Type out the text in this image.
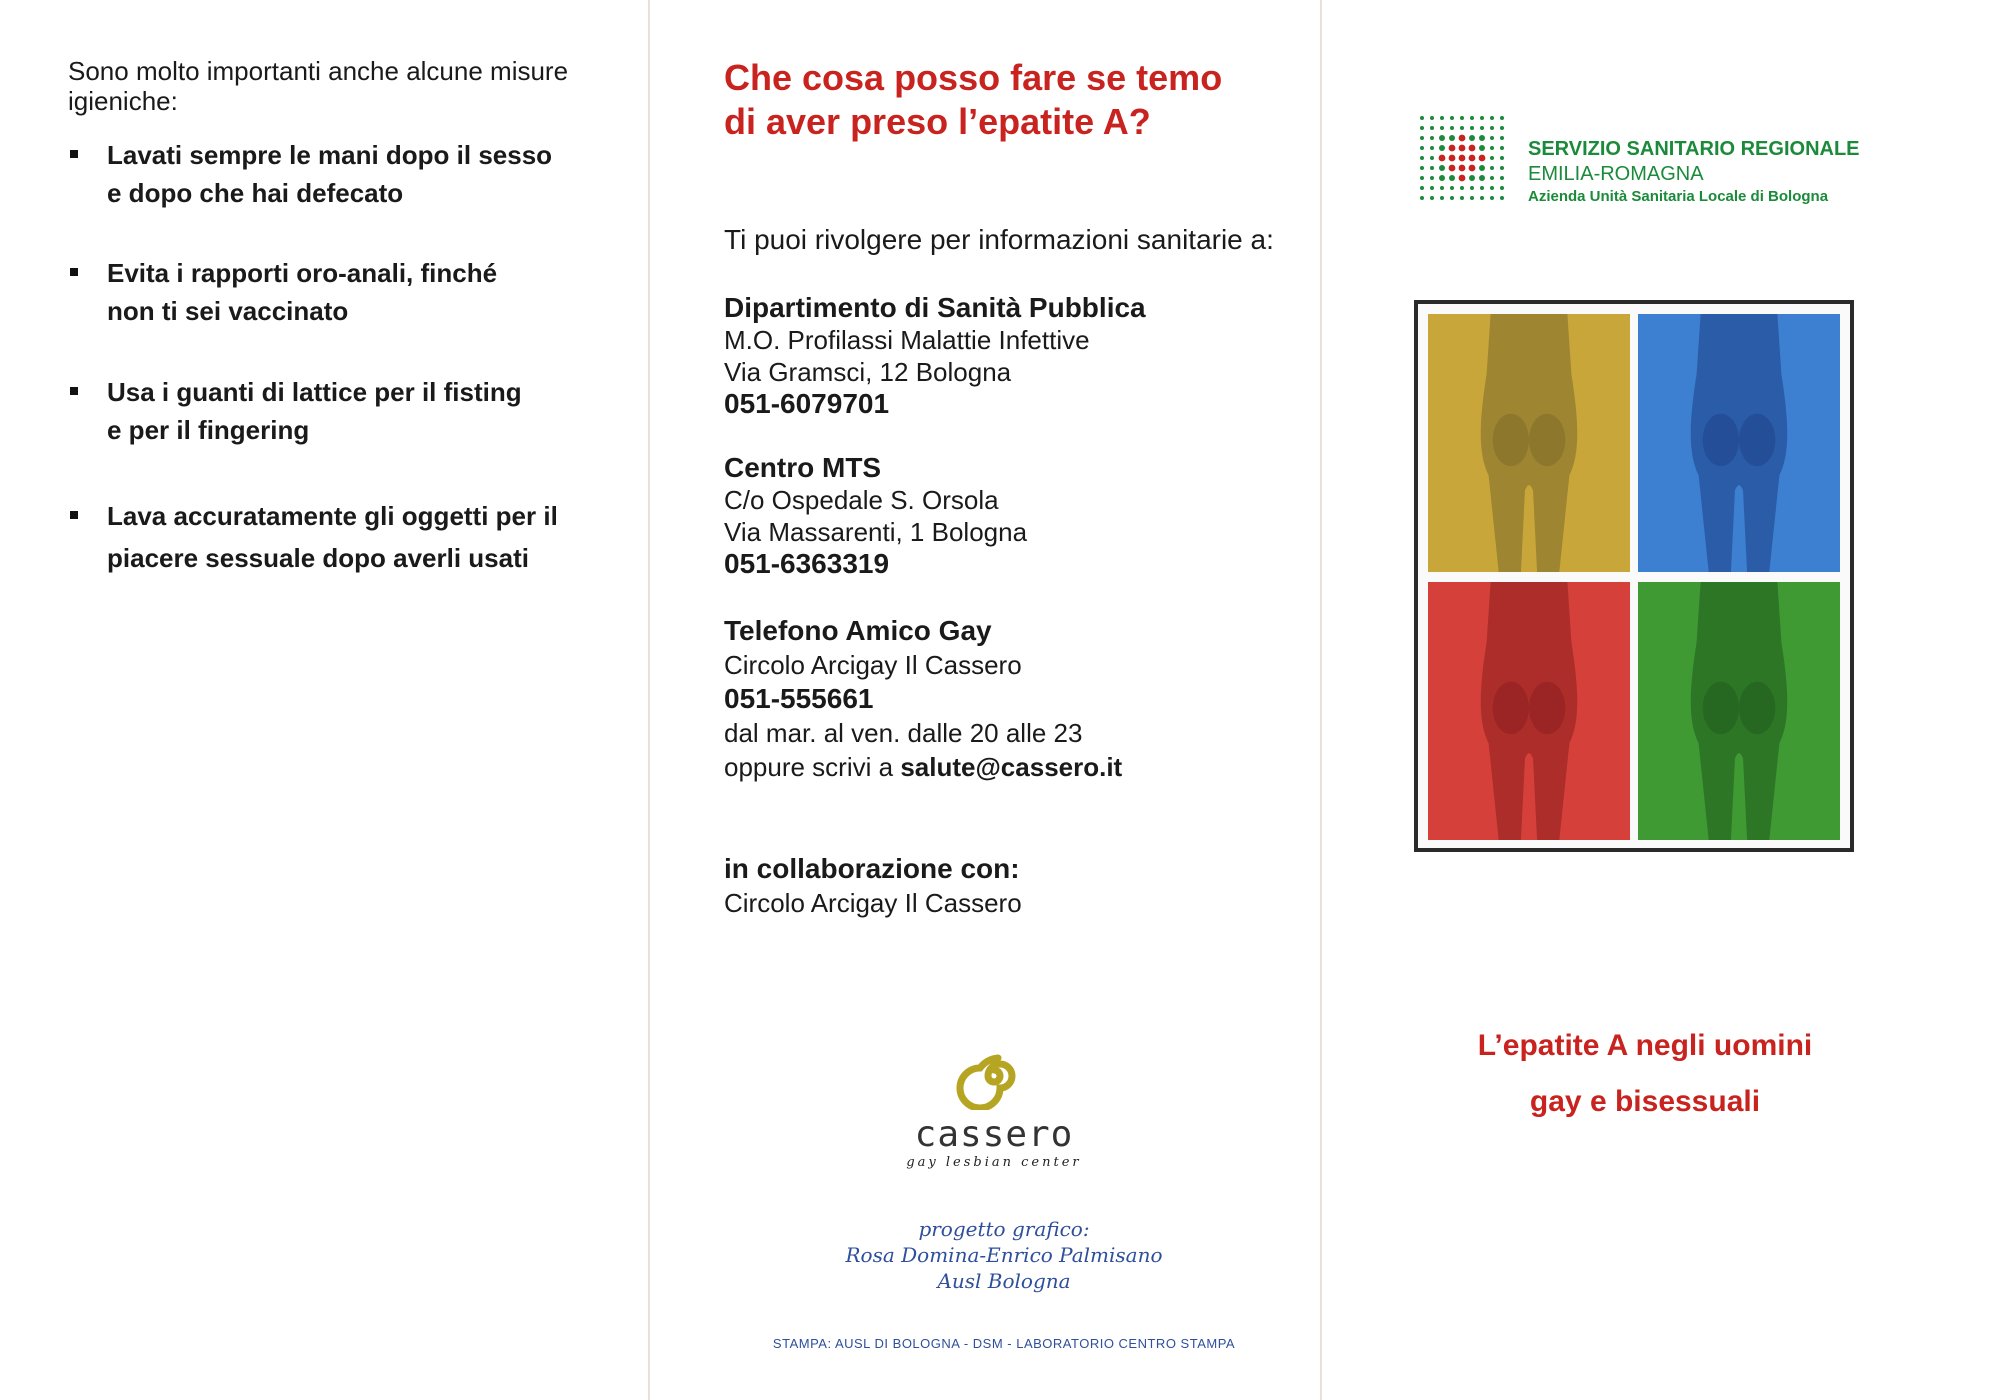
Sono molto importanti anche alcune misure igieniche:
Lavati sempre le mani dopo il sesso
e dopo che hai defecato
Evita i rapporti oro-anali, finché
non ti sei vaccinato
Usa i guanti di lattice per il fisting
e per il fingering
Lava accuratamente gli oggetti per il
piacere sessuale dopo averli usati
Che cosa posso fare se temo
di aver preso l’epatite A?
Ti puoi rivolgere per informazioni sanitarie a:
Dipartimento di Sanità Pubblica
M.O. Profilassi Malattie Infettive
Via Gramsci, 12 Bologna
051-6079701
Centro MTS
C/o Ospedale S. Orsola
Via Massarenti, 1 Bologna
051-6363319
Telefono Amico Gay
Circolo Arcigay Il Cassero
051-555661
dal mar. al ven. dalle 20 alle 23
oppure scrivi a salute@cassero.it
in collaborazione con:
Circolo Arcigay Il Cassero
cassero
gay lesbian center
progetto grafico:
Rosa Domina-Enrico Palmisano
Ausl Bologna
STAMPA: AUSL DI BOLOGNA - DSM - LABORATORIO CENTRO STAMPA
SERVIZIO SANITARIO REGIONALE
EMILIA-ROMAGNA
Azienda Unità Sanitaria Locale di Bologna
L’epatite A negli uomini
gay e bisessuali
